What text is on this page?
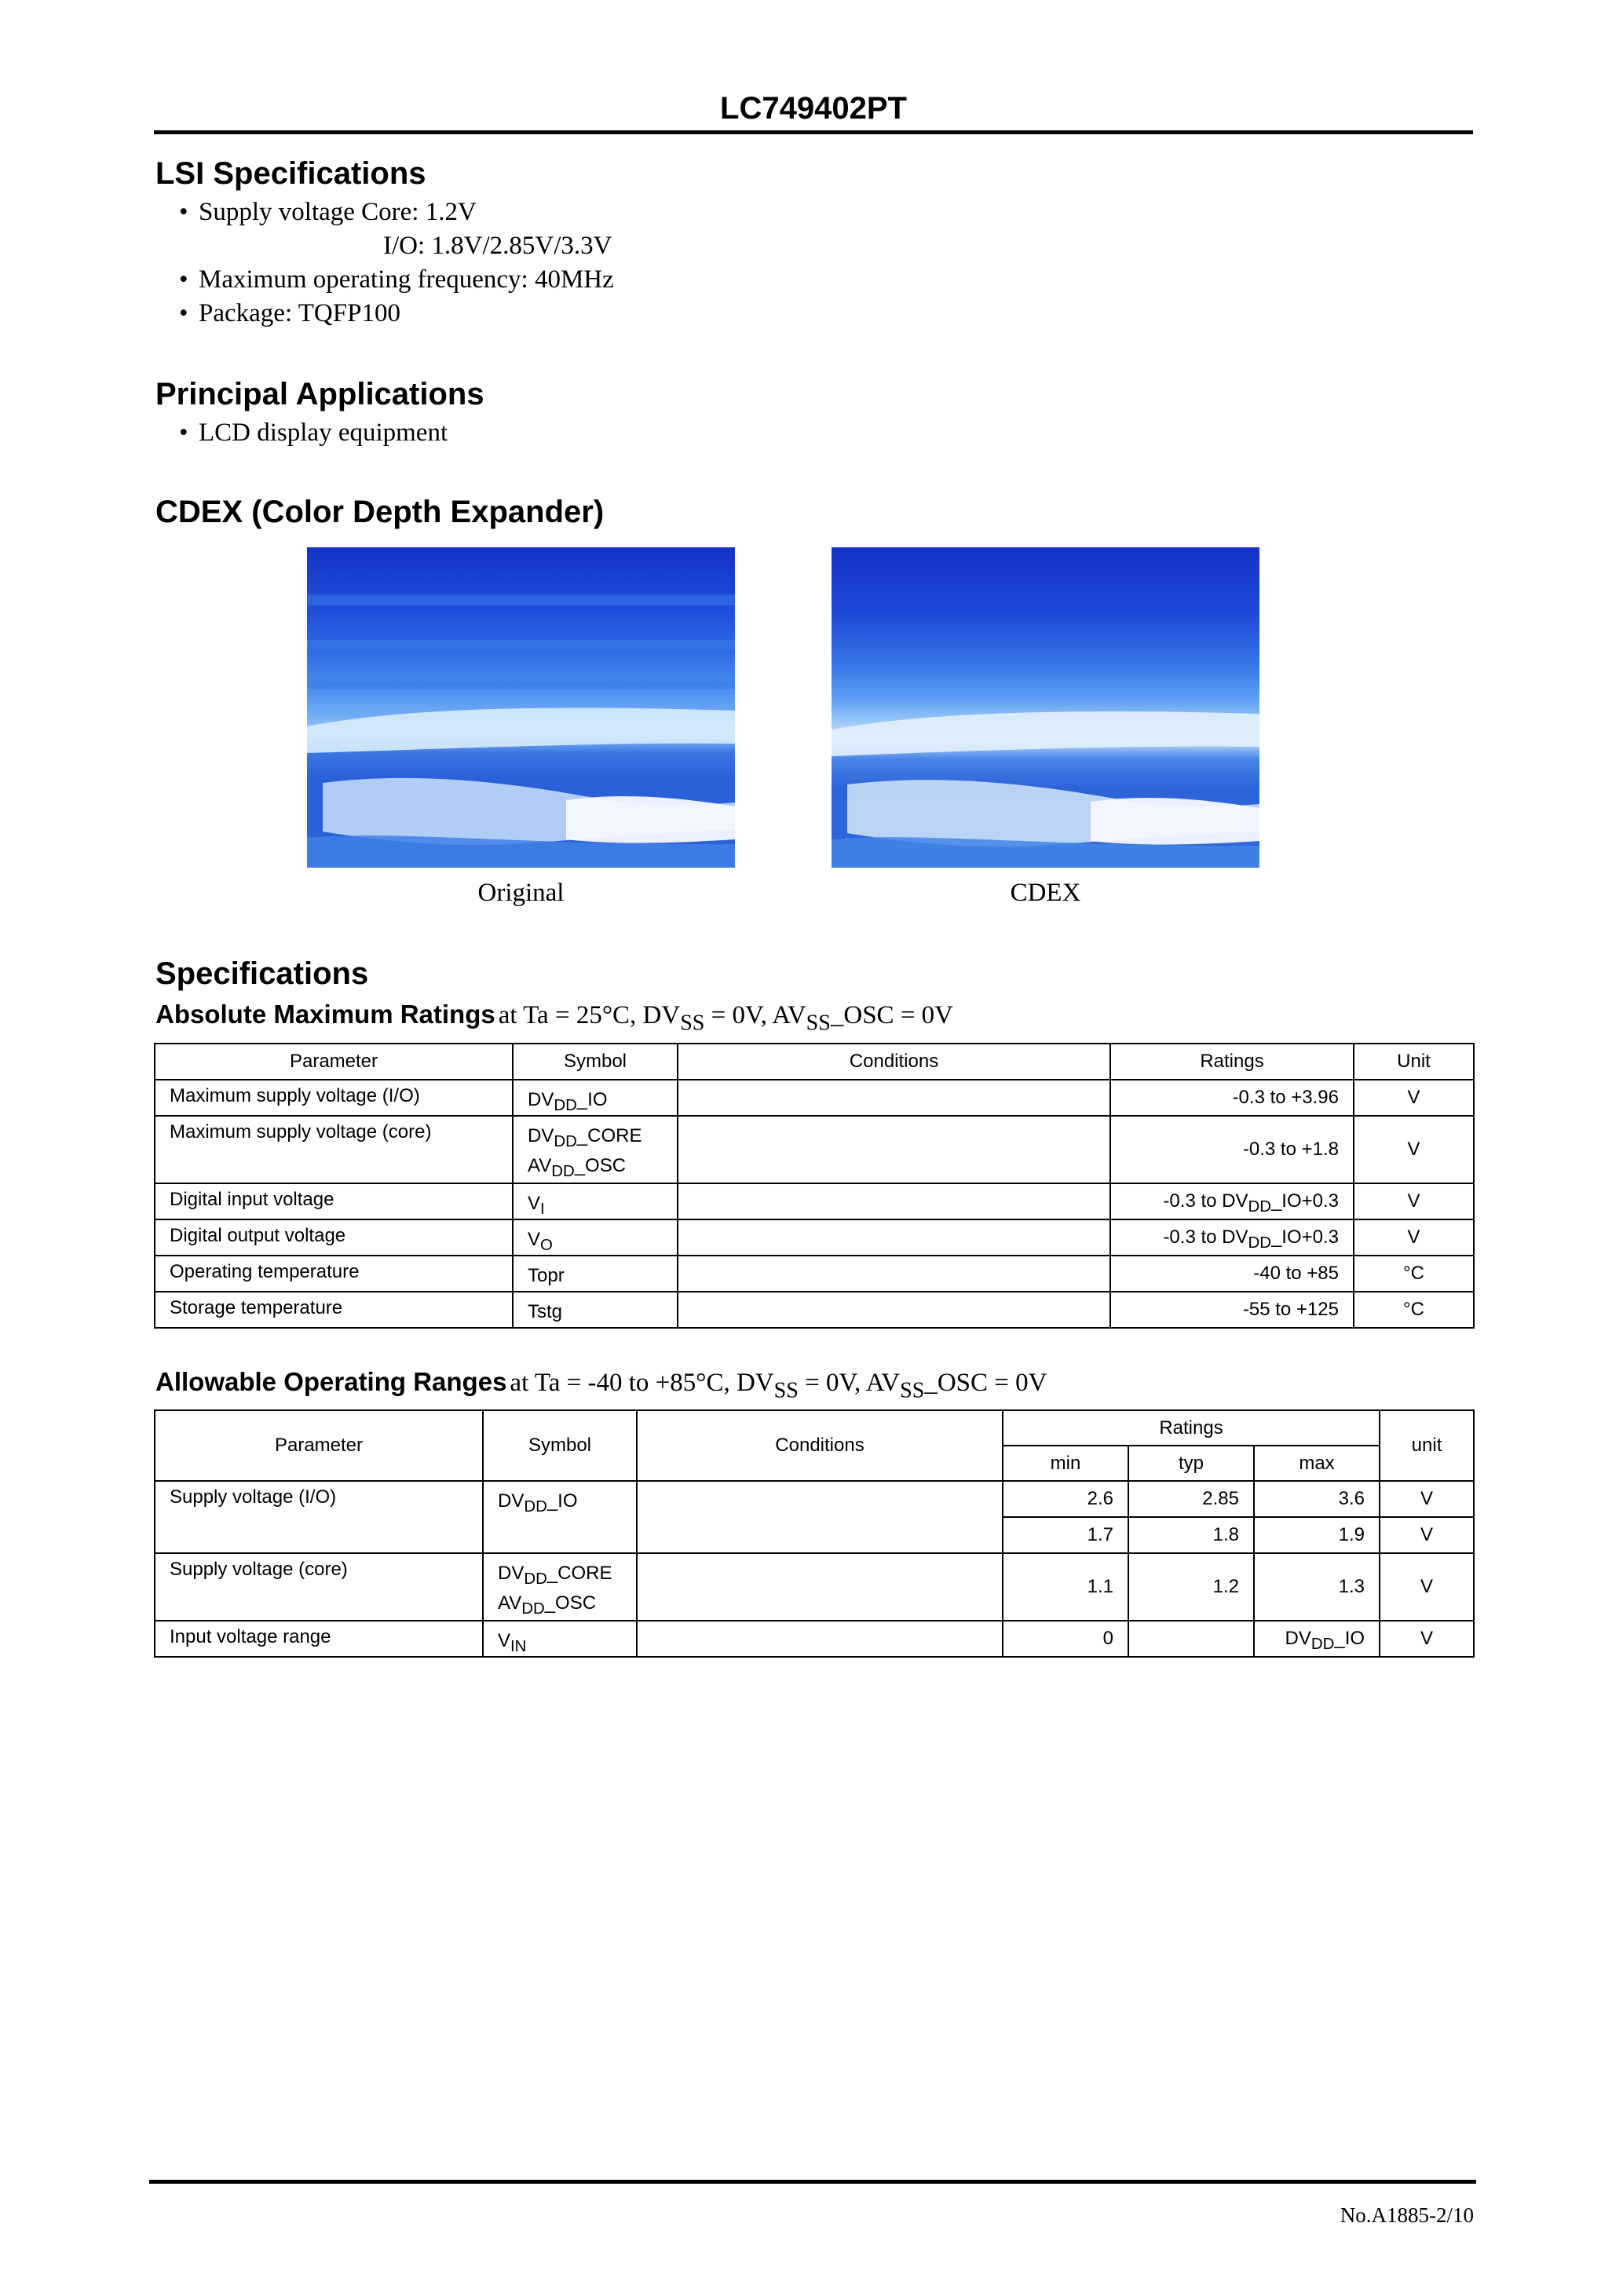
LC749402PT
LSI Specifications
• Supply voltage Core: 1.2V
I/O: 1.8V/2.85V/3.3V
• Maximum operating frequency: 40MHz
• Package: TQFP100
Principal Applications
• LCD display equipment
CDEX (Color Depth Expander)
Original	CDEX
Specifications
Absolute Maximum Ratings at Ta = 25°C, $DV_{SS} = 0V$, $AV_{SS}\_OSC = 0V$
Parameter	Symbol	Conditions	Ratings	Unit
Maximum supply voltage (I/O)	$DV_{DD}\_IO$		-0.3 to +3.96	V
Maximum supply voltage (core)	$DV_{DD}\_CORE$
$AV_{DD}\_OSC$		-0.3 to +1.8	V
Digital input voltage	$V_I$		-0.3 to $DV_{DD}\_IO+0.3$	V
Digital output voltage	$V_O$		-0.3 to $DV_{DD}\_IO+0.3$	V
Operating temperature	Topr		-40 to +85	°C
Storage temperature	Tstg		-55 to +125	°C
Allowable Operating Ranges at Ta = -40 to +85°C, $DV_{SS} = 0V$, $AV_{SS}\_OSC = 0V$
Parameter	Symbol	Conditions	Ratings			unit
			min	typ	max	
Supply voltage (I/O)	$DV_{DD}\_IO$		2.6	2.85	3.6	V
			1.7	1.8	1.9	V
Supply voltage (core)	$DV_{DD}\_CORE$
$AV_{DD}\_OSC$		1.1	1.2	1.3	V
Input voltage range	$V_{IN}$		0		$DV_{DD}\_IO$	V
No.A1885-2/10
